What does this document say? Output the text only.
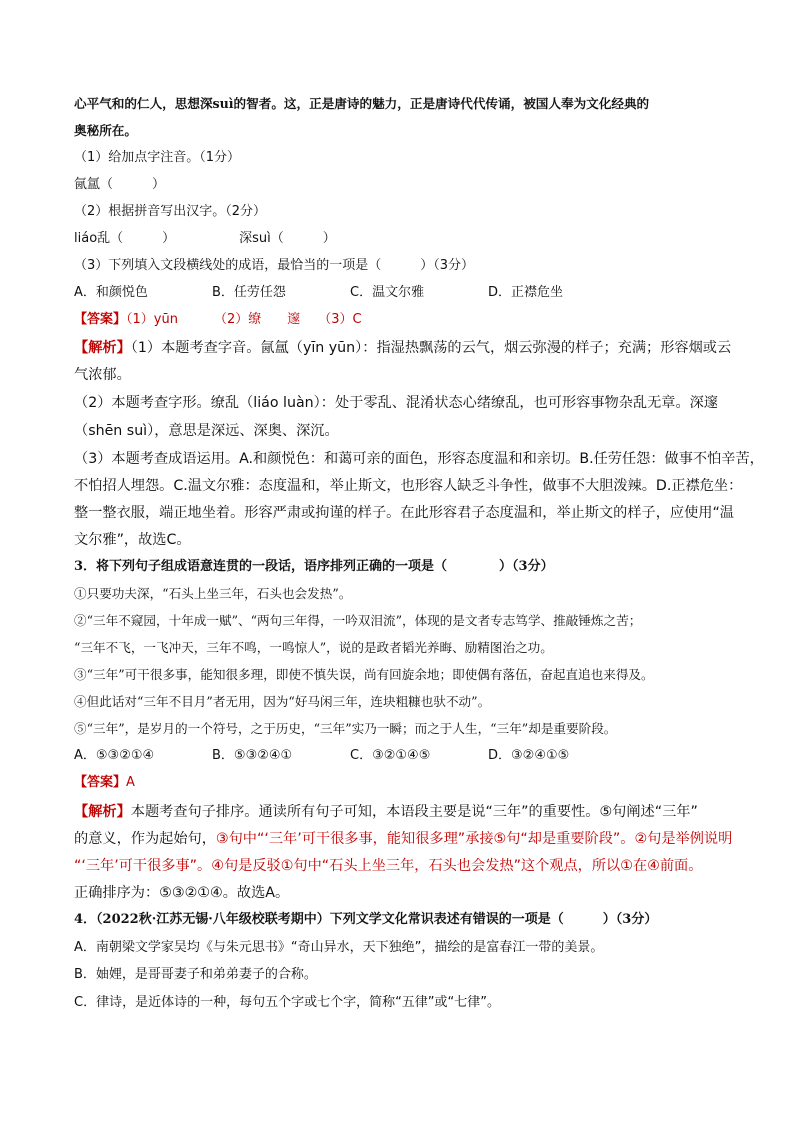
心平气和的仁人，思想深suì的智者。这，正是唐诗的魅力，正是唐诗代代传诵，被国人奉为文化经典的
奥秘所在。
（1）给加点字注音。（1分）
氤氲（　　　）
（2）根据拼音写出汉字。（2分）
liáo乱（　　　）	深suì（　　　）
（3）下列填入文段横线处的成语，最恰当的一项是（　　　）（3分）
A．和颜悦色	B．任劳任怨	C．温文尔雅	D．正襟危坐
【答案】（1）yūn	（2）缭　　邃 （3）C
【解析】（1）本题考查字音。氤氲（yīn yūn）：指湿热飘荡的云气，烟云弥漫的样子；充满；形容烟或云
气浓郁。
（2）本题考查字形。缭乱（liáo luàn）：处于零乱、混淆状态心绪缭乱，也可形容事物杂乱无章。深邃
（shēn suì），意思是深远、深奥、深沉。
（3）本题考查成语运用。A.和颜悦色：和蔼可亲的面色，形容态度温和和亲切。B.任劳任怨：做事不怕辛苦，
不怕招人埋怨。C.温文尔雅：态度温和，举止斯文，也形容人缺乏斗争性，做事不大胆泼辣。D.正襟危坐：
整一整衣服，端正地坐着。形容严肃或拘谨的样子。在此形容君子态度温和，举止斯文的样子，应使用“温
文尔雅”，故选C。
3．将下列句子组成语意连贯的一段话，语序排列正确的一项是（　　　　）（3分）
①只要功夫深，“石头上坐三年，石头也会发热”。
②“三年不窥园，十年成一赋”、“两句三年得，一吟双泪流”，体现的是文者专志笃学、推敲锤炼之苦；
“三年不飞，一飞冲天，三年不鸣，一鸣惊人”，说的是政者韬光养晦、励精图治之功。
③“三年”可干很多事，能知很多理，即使不慎失误，尚有回旋余地；即使偶有落伍，奋起直追也来得及。
④但此话对“三年不目月”者无用，因为“好马闲三年，连块粗糠也驮不动”。
⑤“三年”，是岁月的一个符号，之于历史，“三年”实乃一瞬；而之于人生，“三年”却是重要阶段。
A．⑤③②①④	B．⑤③②④①	C．③②①④⑤	D．③②④①⑤
【答案】A
【解析】本题考查句子排序。通读所有句子可知，本语段主要是说“三年”的重要性。⑤句阐述“三年”
的意义，作为起始句，③句中“‘三年’可干很多事，能知很多理”承接⑤句“却是重要阶段”。②句是举例说明
“‘三年’可干很多事”。④句是反驳①句中“石头上坐三年，石头也会发热”这个观点，所以①在④前面。
正确排序为：⑤③②①④。故选A。
4．（2022秋·江苏无锡·八年级校联考期中）下列文学文化常识表述有错误的一项是（　　　）（3分）
A．南朝梁文学家吴均《与朱元思书》“奇山异水，天下独绝”，描绘的是富春江一带的美景。
B．妯娌，是哥哥妻子和弟弟妻子的合称。
C．律诗，是近体诗的一种，每句五个字或七个字，简称“五律”或“七律”。
